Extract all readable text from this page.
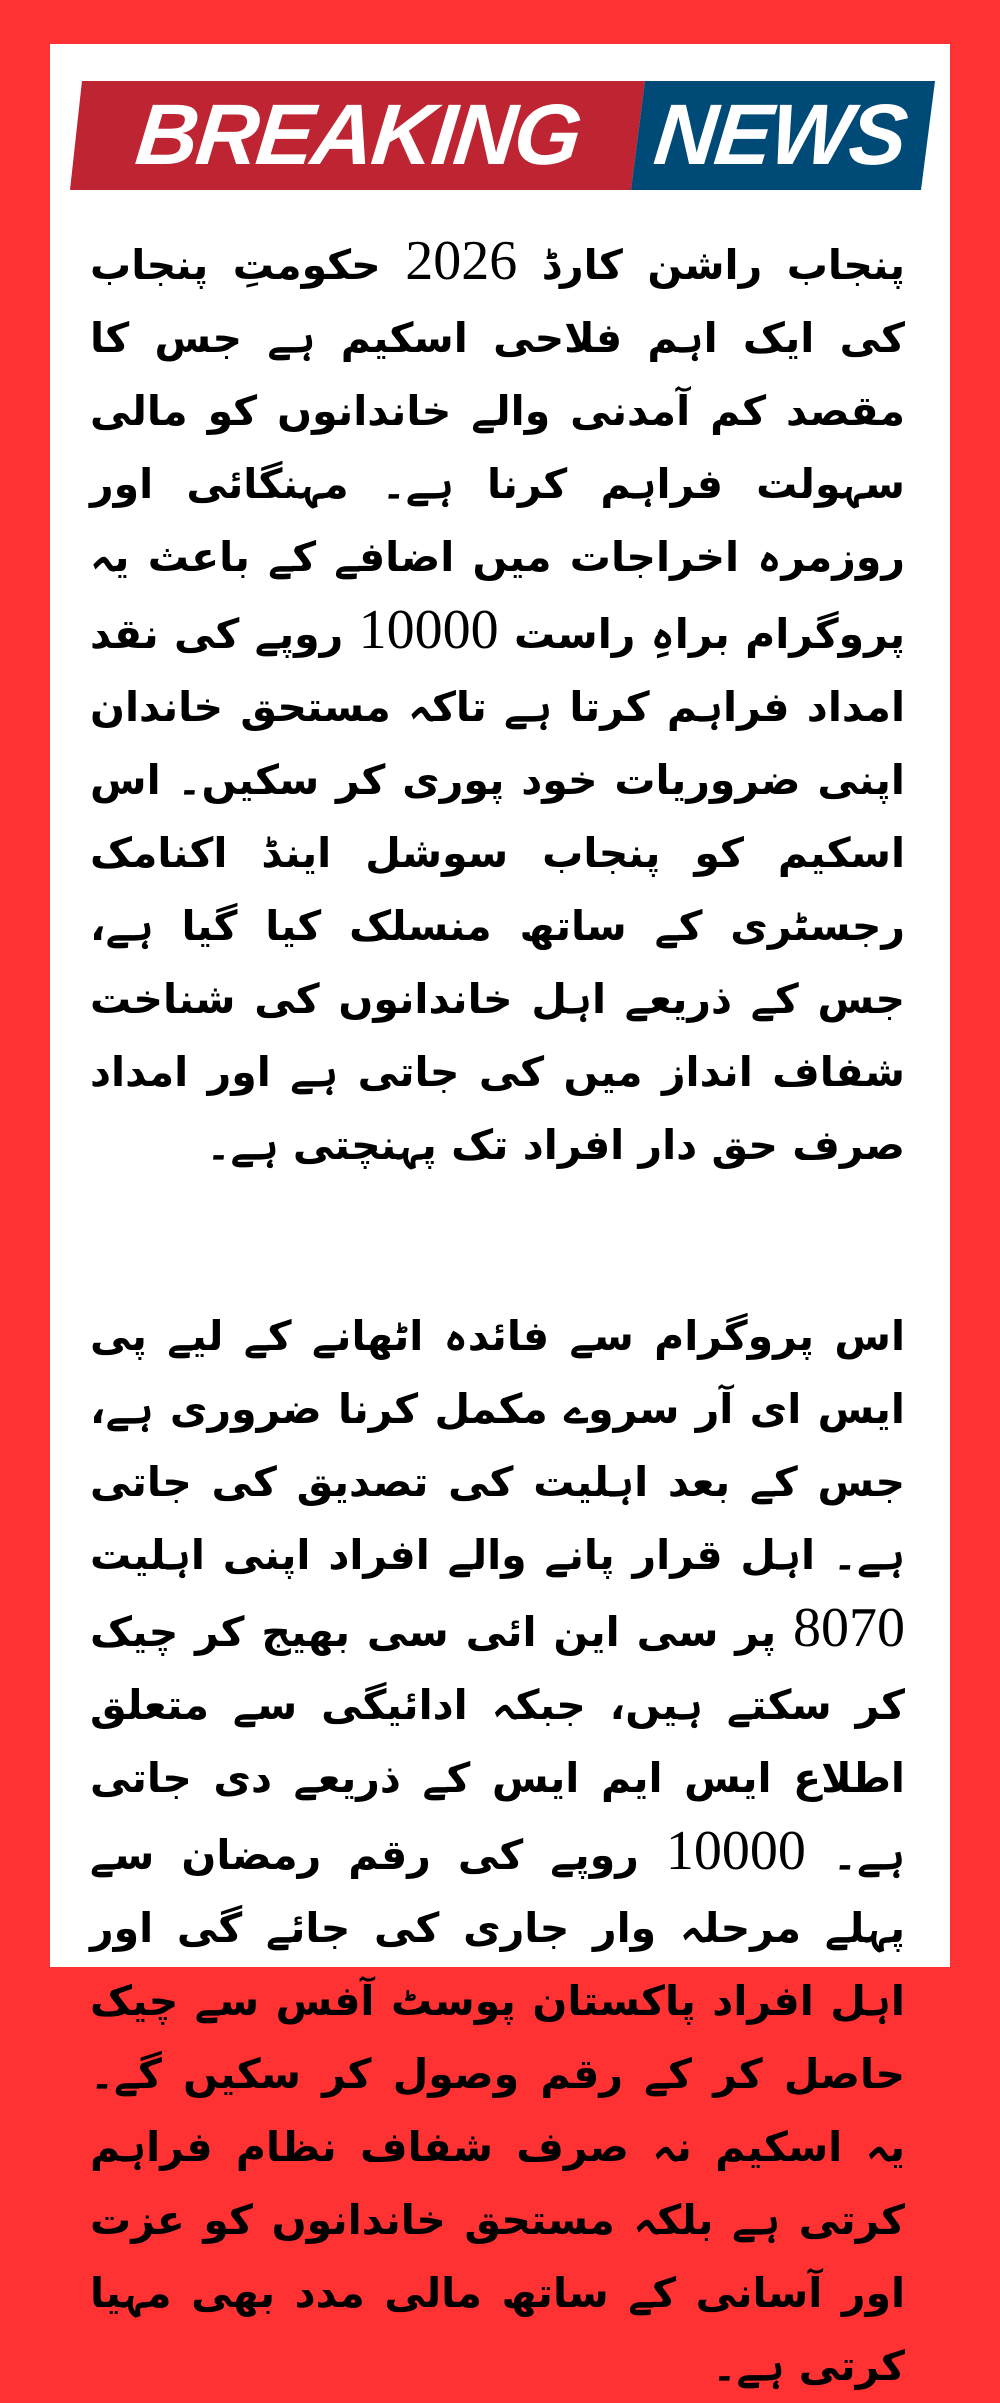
BREAKING NEWS

پنجاب راشن کارڈ 2026 حکومتِ پنجاب کی ایک اہم فلاحی اسکیم ہے جس کا مقصد کم آمدنی والے خاندانوں کو مالی سہولت فراہم کرنا ہے۔ مہنگائی اور روزمرہ اخراجات میں اضافے کے باعث یہ پروگرام براہِ راست 10000 روپے کی نقد امداد فراہم کرتا ہے تاکہ مستحق خاندان اپنی ضروریات خود پوری کر سکیں۔ اس اسکیم کو پنجاب سوشل اینڈ اکنامک رجسٹری کے ساتھ منسلک کیا گیا ہے، جس کے ذریعے اہل خاندانوں کی شناخت شفاف انداز میں کی جاتی ہے اور امداد صرف حق دار افراد تک پہنچتی ہے۔

اس پروگرام سے فائدہ اٹھانے کے لیے پی ایس ای آر سروے مکمل کرنا ضروری ہے، جس کے بعد اہلیت کی تصدیق کی جاتی ہے۔ اہل قرار پانے والے افراد اپنی اہلیت 8070 پر سی این ائی سی بھیج کر چیک کر سکتے ہیں، جبکہ ادائیگی سے متعلق اطلاع ایس ایم ایس کے ذریعے دی جاتی ہے۔ 10000 روپے کی رقم رمضان سے پہلے مرحلہ وار جاری کی جائے گی اور اہل افراد پاکستان پوسٹ آفس سے چیک حاصل کر کے رقم وصول کر سکیں گے۔ یہ اسکیم نہ صرف شفاف نظام فراہم کرتی ہے بلکہ مستحق خاندانوں کو عزت اور آسانی کے ساتھ مالی مدد بھی مہیا کرتی ہے۔
